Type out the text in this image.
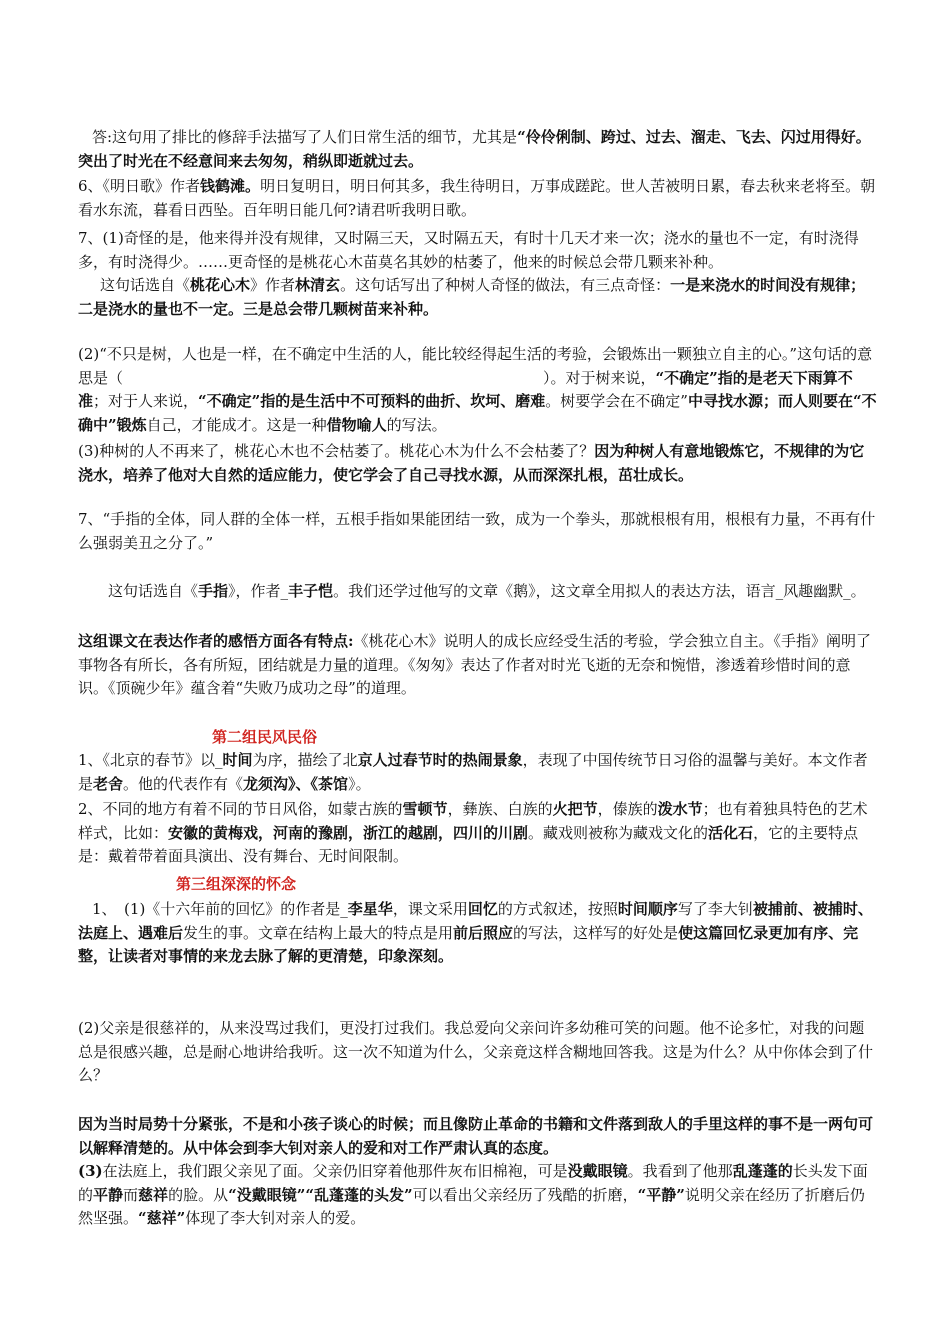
答:这句用了排比的修辞手法描写了人们日常生活的细节，尤其是“伶伶俐制、跨过、过去、溜走、飞去、闪过用得好。突出了时光在不经意间来去匆匆，稍纵即逝就过去。

6、《明日歌》作者钱鹤滩。明日复明日，明日何其多，我生待明日，万事成蹉跎。世人苦被明日累，春去秋来老将至。朝看水东流，暮看日西坠。百年明日能几何?请君听我明日歌。

7、(1)奇怪的是，他来得并没有规律，又时隔三天，又时隔五天，有时十几天才来一次；浇水的量也不一定，有时浇得多，有时浇得少。……更奇怪的是桃花心木苗莫名其妙的枯萎了，他来的时候总会带几颗来补种。

这句话选自《桃花心木》作者林清玄。这句话写出了种树人奇怪的做法，有三点奇怪：一是来浇水的时间没有规律；二是浇水的量也不一定。三是总会带几颗树苗来补种。

(2)“不只是树，人也是一样，在不确定中生活的人，能比较经得起生活的考验，会锻炼出一颗独立自主的心。”这句话的意思是（                            ）。对于树来说，“不确定”指的是老天下雨算不准；对于人来说，“不确定”指的是生活中不可预料的曲折、坎坷、磨难。树要学会在不确定”中寻找水源；而人则要在“不确中”锻炼自己，才能成才。这是一种借物喻人的写法。

(3)种树的人不再来了，桃花心木也不会枯萎了。桃花心木为什么不会枯萎了？因为种树人有意地锻炼它，不规律的为它浇水，培养了他对大自然的适应能力，使它学会了自己寻找水源，从而深深扎根，茁壮成长。

7、“手指的全体，同人群的全体一样，五根手指如果能团结一致，成为一个拳头，那就根根有用，根根有力量，不再有什么强弱美丑之分了。”

这句话选自《手指》，作者_丰子恺。我们还学过他写的文章《鹅》，这文章全用拟人的表达方法，语言_风趣幽默_。

这组课文在表达作者的感悟方面各有特点:《桃花心木》说明人的成长应经受生活的考验，学会独立自主。《手指》阐明了事物各有所长，各有所短，团结就是力量的道理。《匆匆》表达了作者对时光飞逝的无奈和惋惜，渗透着珍惜时间的意识。《顶碗少年》蕴含着“失败乃成功之母”的道理。

第二组民风民俗

1、《北京的春节》以_时间为序，描绘了北京人过春节时的热闹景象，表现了中国传统节日习俗的温馨与美好。本文作者是老舍。他的代表作有《龙须沟》、《茶馆》。

2、不同的地方有着不同的节日风俗，如蒙古族的雪顿节，彝族、白族的火把节，傣族的泼水节；也有着独具特色的艺术样式，比如：安徽的黄梅戏，河南的豫剧，浙江的越剧，四川的川剧。藏戏则被称为藏戏文化的活化石，它的主要特点是：戴着带着面具演出、没有舞台、无时间限制。

第三组深深的怀念

1、　(1)《十六年前的回忆》的作者是_李星华，课文采用回忆的方式叙述，按照时间顺序写了李大钊被捕前、被捕时、法庭上、遇难后发生的事。文章在结构上最大的特点是用前后照应的写法，这样写的好处是使这篇回忆录更加有序、完整，让读者对事情的来龙去脉了解的更清楚，印象深刻。

(2)父亲是很慈祥的，从来没骂过我们，更没打过我们。我总爱向父亲问许多幼稚可笑的问题。他不论多忙，对我的问题总是很感兴趣，总是耐心地讲给我听。这一次不知道为什么，父亲竟这样含糊地回答我。这是为什么？从中你体会到了什么？

因为当时局势十分紧张，不是和小孩子谈心的时候；而且像防止革命的书籍和文件落到敌人的手里这样的事不是一两句可以解释清楚的。从中体会到李大钊对亲人的爱和对工作严肃认真的态度。

(3)在法庭上，我们跟父亲见了面。父亲仍旧穿着他那件灰布旧棉袍，可是没戴眼镜。我看到了他那乱蓬蓬的长头发下面的平静而慈祥的脸。从“没戴眼镜”“乱蓬蓬的头发”可以看出父亲经历了残酷的折磨，“平静”说明父亲在经历了折磨后仍然坚强。“慈祥”体现了李大钊对亲人的爱。
